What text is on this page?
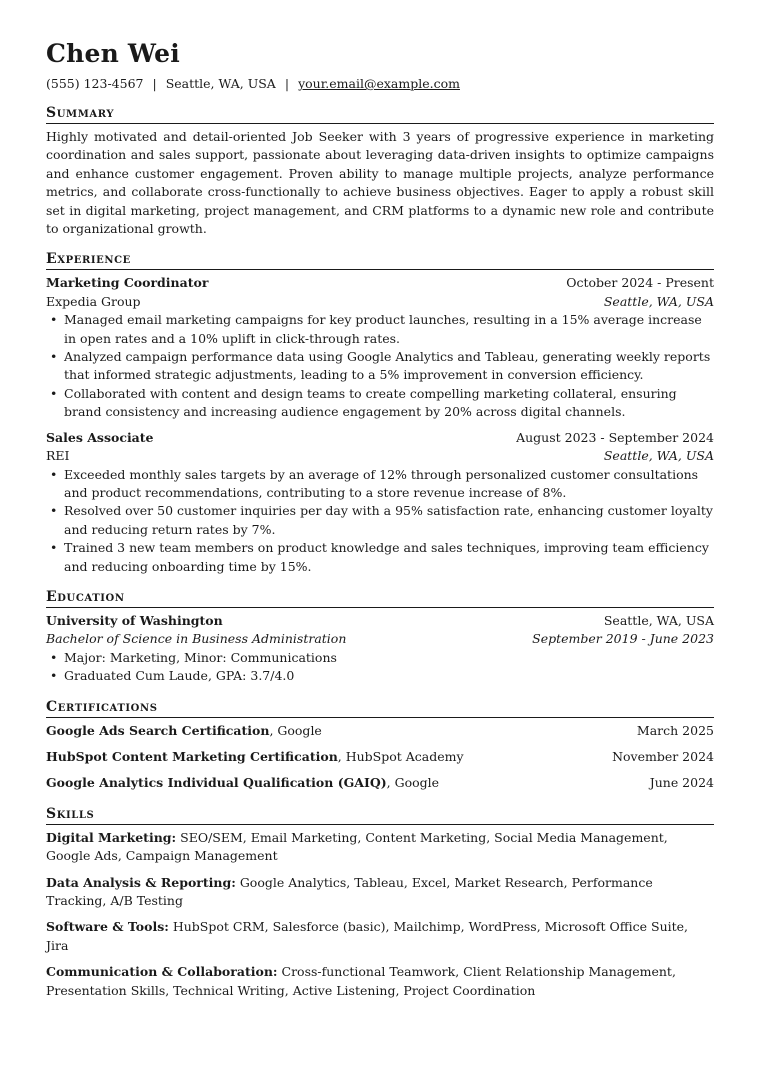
Chen Wei
(555) 123-4567 | Seattle, WA, USA | your.email@example.com
Summary
Highly motivated and detail-oriented Job Seeker with 3 years of progressive experience in marketing coordination and sales support, passionate about leveraging data-driven insights to optimize campaigns and enhance customer engagement. Proven ability to manage multiple projects, analyze performance metrics, and collaborate cross-functionally to achieve business objectives. Eager to apply a robust skill set in digital marketing, project management, and CRM platforms to a dynamic new role and contribute to organizational growth.
Experience
Marketing Coordinator	October 2024 - Present
Expedia Group	Seattle, WA, USA
• Managed email marketing campaigns for key product launches, resulting in a 15% average increase in open rates and a 10% uplift in click-through rates.
• Analyzed campaign performance data using Google Analytics and Tableau, generating weekly reports that informed strategic adjustments, leading to a 5% improvement in conversion efficiency.
• Collaborated with content and design teams to create compelling marketing collateral, ensuring brand consistency and increasing audience engagement by 20% across digital channels.
Sales Associate	August 2023 - September 2024
REI	Seattle, WA, USA
• Exceeded monthly sales targets by an average of 12% through personalized customer consultations and product recommendations, contributing to a store revenue increase of 8%.
• Resolved over 50 customer inquiries per day with a 95% satisfaction rate, enhancing customer loyalty and reducing return rates by 7%.
• Trained 3 new team members on product knowledge and sales techniques, improving team efficiency and reducing onboarding time by 15%.
Education
University of Washington	Seattle, WA, USA
Bachelor of Science in Business Administration	September 2019 - June 2023
• Major: Marketing, Minor: Communications
• Graduated Cum Laude, GPA: 3.7/4.0
Certifications
Google Ads Search Certification, Google	March 2025
HubSpot Content Marketing Certification, HubSpot Academy	November 2024
Google Analytics Individual Qualification (GAIQ), Google	June 2024
Skills
Digital Marketing: SEO/SEM, Email Marketing, Content Marketing, Social Media Management, Google Ads, Campaign Management
Data Analysis & Reporting: Google Analytics, Tableau, Excel, Market Research, Performance Tracking, A/B Testing
Software & Tools: HubSpot CRM, Salesforce (basic), Mailchimp, WordPress, Microsoft Office Suite, Jira
Communication & Collaboration: Cross-functional Teamwork, Client Relationship Management, Presentation Skills, Technical Writing, Active Listening, Project Coordination
